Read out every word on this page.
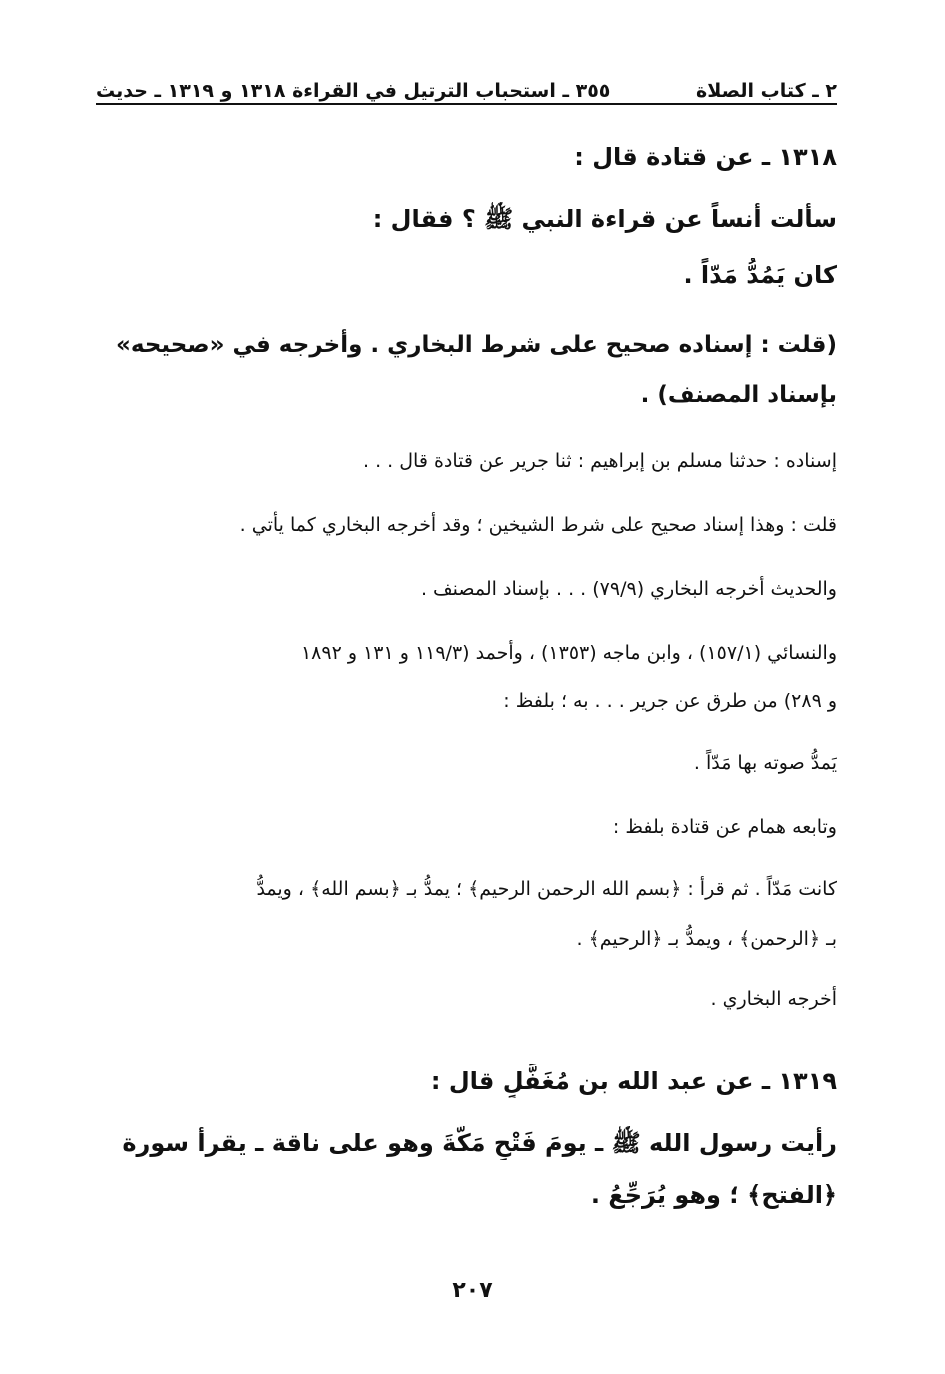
٢ ـ كتاب الصلاة
٣٥٥ ـ استحباب الترتيل في القراءة ١٣١٨ و ١٣١٩ ـ حديث
١٣١٨ ـ عن قتادة قال :
سألت أنساً عن قراءة النبي ﷺ ؟ فقال :
كان يَمُدُّ مَدّاً .
(قلت : إسناده صحيح على شرط البخاري . وأخرجه في «صحيحه»
بإسناد المصنف) .
إسناده : حدثنا مسلم بن إبراهيم : ثنا جرير عن قتادة قال . . .
قلت : وهذا إسناد صحيح على شرط الشيخين ؛ وقد أخرجه البخاري كما يأتي .
والحديث أخرجه البخاري (٧٩/٩) . . . بإسناد المصنف .
والنسائي (١٥٧/١) ، وابن ماجه (١٣٥٣) ، وأحمد (١١٩/٣ و ١٣١ و ١٨٩٢
و ٢٨٩) من طرق عن جرير . . . به ؛ بلفظ :
يَمدُّ صوته بها مَدّاً .
وتابعه همام عن قتادة بلفظ :
كانت مَدّاً . ثم قرأ : ﴿بسم الله الرحمن الرحيم﴾ ؛ يمدُّ بـ ﴿بسم الله﴾ ، ويمدُّ
بـ ﴿الرحمن﴾ ، ويمدُّ بـ ﴿الرحيم﴾ .
أخرجه البخاري .
١٣١٩ ـ عن عبد الله بن مُغَفَّلٍ قال :
رأيت رسول الله ﷺ ـ يومَ فَتْحِ مَكَّةَ وهو على ناقة ـ يقرأ سورة
﴿الفتح﴾ ؛ وهو يُرَجِّعُ .
٢٠٧
